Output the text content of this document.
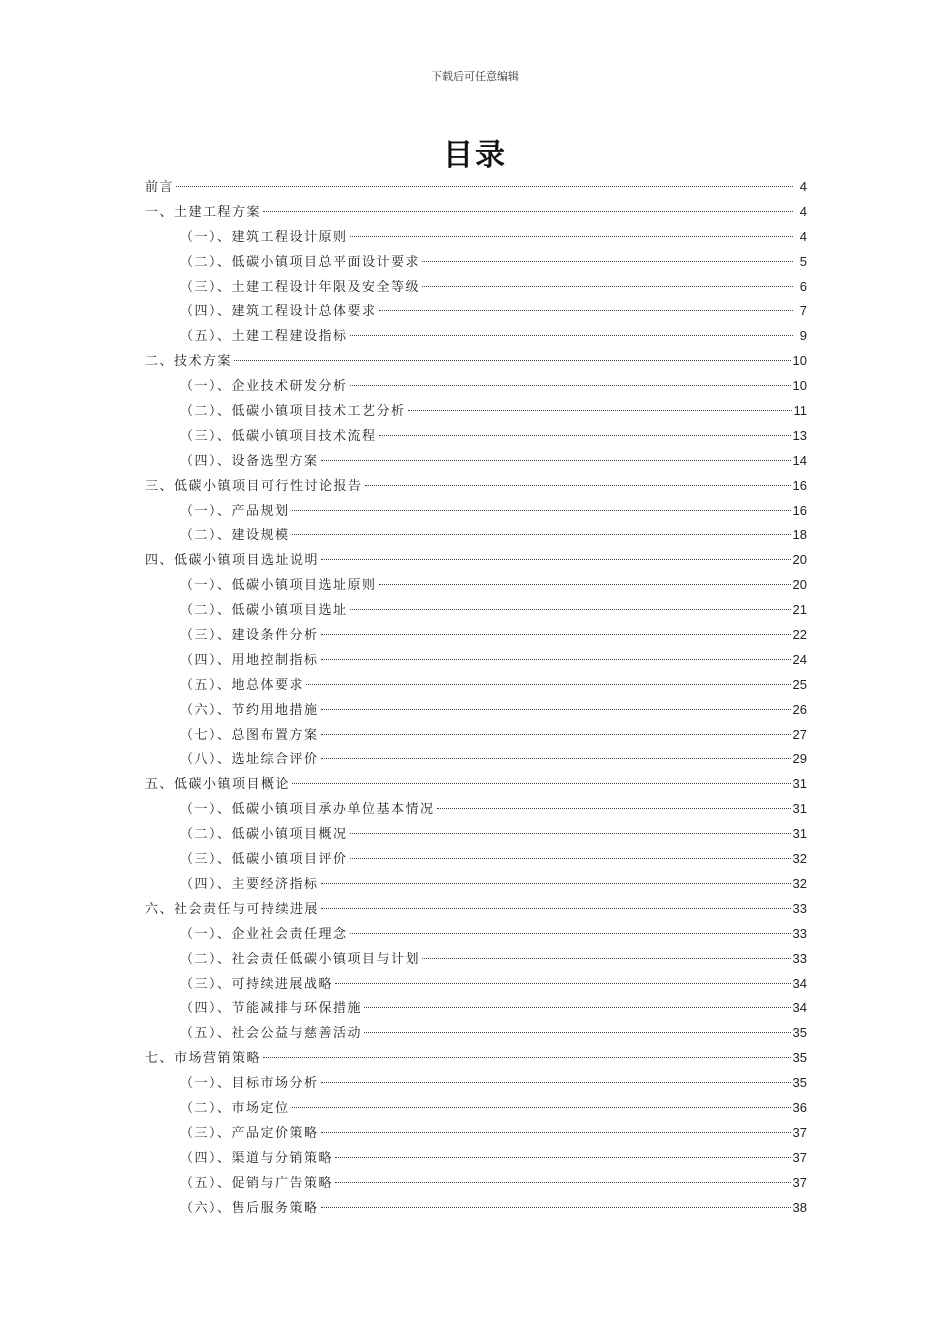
下载后可任意编辑
目录
前言	4
一、土建工程方案	4
（一）、建筑工程设计原则	4
（二）、低碳小镇项目总平面设计要求	5
（三）、土建工程设计年限及安全等级	6
（四）、建筑工程设计总体要求	7
（五）、土建工程建设指标	9
二、技术方案	10
（一）、企业技术研发分析	10
（二）、低碳小镇项目技术工艺分析	11
（三）、低碳小镇项目技术流程	13
（四）、设备选型方案	14
三、低碳小镇项目可行性讨论报告	16
（一）、产品规划	16
（二）、建设规模	18
四、低碳小镇项目选址说明	20
（一）、低碳小镇项目选址原则	20
（二）、低碳小镇项目选址	21
（三）、建设条件分析	22
（四）、用地控制指标	24
（五）、地总体要求	25
（六）、节约用地措施	26
（七）、总图布置方案	27
（八）、选址综合评价	29
五、低碳小镇项目概论	31
（一）、低碳小镇项目承办单位基本情况	31
（二）、低碳小镇项目概况	31
（三）、低碳小镇项目评价	32
（四）、主要经济指标	32
六、社会责任与可持续进展	33
（一）、企业社会责任理念	33
（二）、社会责任低碳小镇项目与计划	33
（三）、可持续进展战略	34
（四）、节能减排与环保措施	34
（五）、社会公益与慈善活动	35
七、市场营销策略	35
（一）、目标市场分析	35
（二）、市场定位	36
（三）、产品定价策略	37
（四）、渠道与分销策略	37
（五）、促销与广告策略	37
（六）、售后服务策略	38
